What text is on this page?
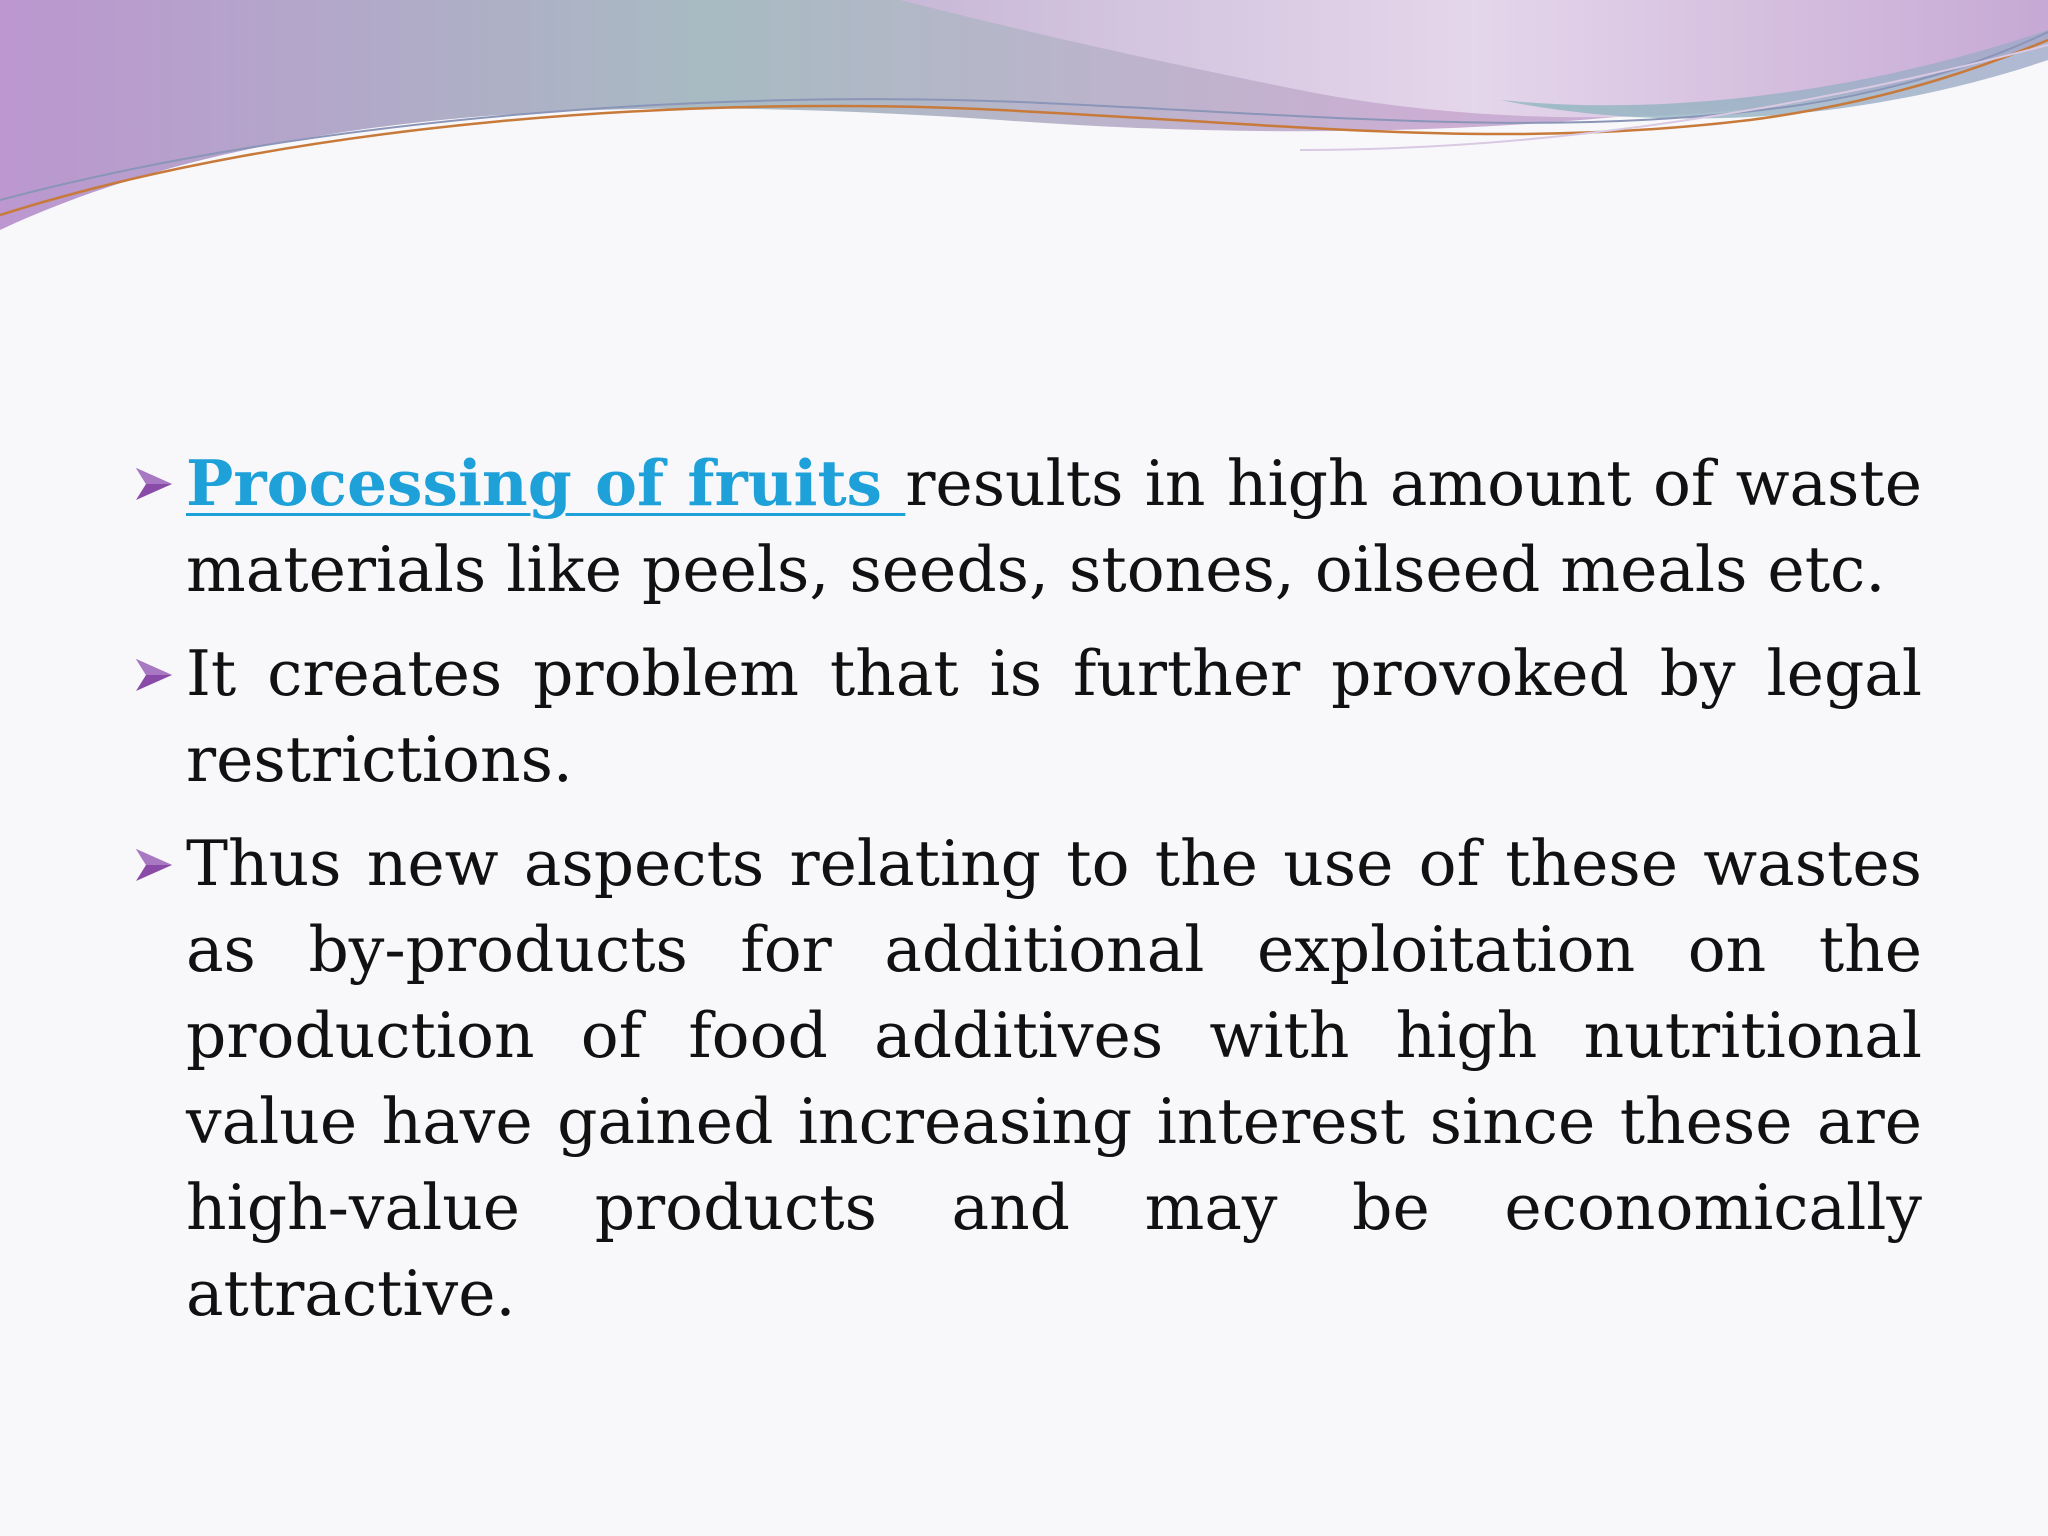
Processing of fruits results in high amount of waste materials like peels, seeds, stones, oilseed meals etc.
It creates problem that is further provoked by legal restrictions.
Thus new aspects relating to the use of these wastes as by-products for additional exploitation on the production of food additives with high nutritional value have gained increasing interest since these are high-value products and may be economically attractive.
